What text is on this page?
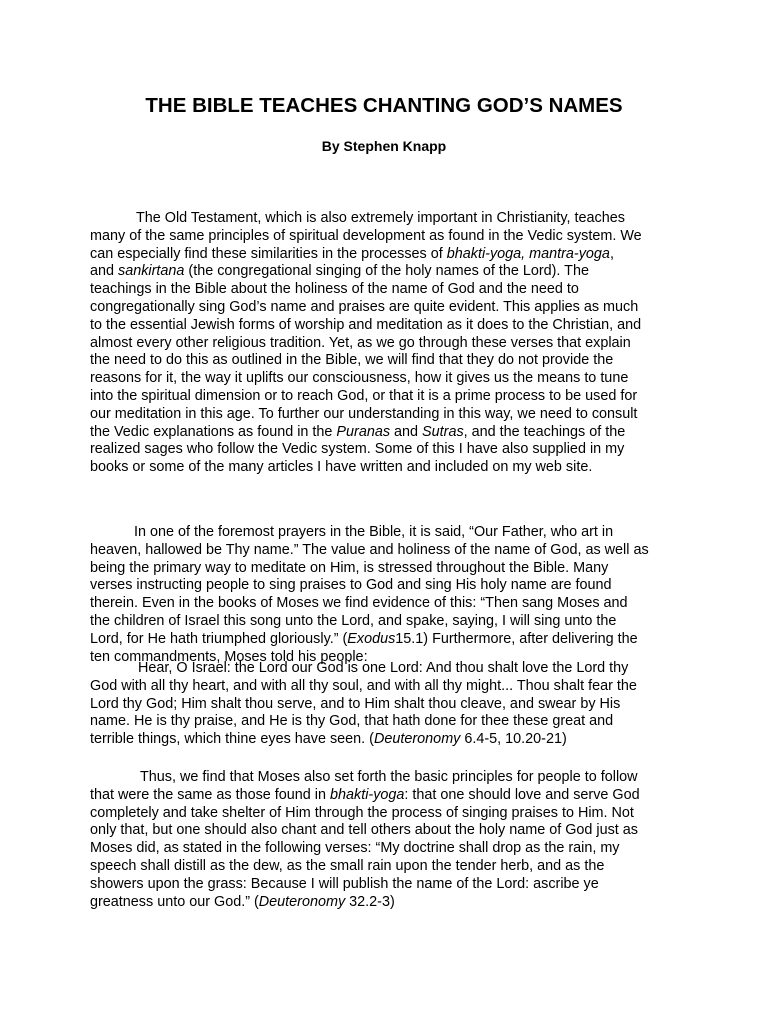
THE BIBLE TEACHES CHANTING GOD’S NAMES
By Stephen Knapp
The Old Testament, which is also extremely important in Christianity, teaches
many of the same principles of spiritual development as found in the Vedic system. We
can especially find these similarities in the processes of bhakti-yoga, mantra-yoga,
and sankirtana (the congregational singing of the holy names of the Lord). The
teachings in the Bible about the holiness of the name of God and the need to
congregationally sing God’s name and praises are quite evident. This applies as much
to the essential Jewish forms of worship and meditation as it does to the Christian, and
almost every other religious tradition. Yet, as we go through these verses that explain
the need to do this as outlined in the Bible, we will find that they do not provide the
reasons for it, the way it uplifts our consciousness, how it gives us the means to tune
into the spiritual dimension or to reach God, or that it is a prime process to be used for
our meditation in this age. To further our understanding in this way, we need to consult
the Vedic explanations as found in the Puranas and Sutras, and the teachings of the
realized sages who follow the Vedic system. Some of this I have also supplied in my
books or some of the many articles I have written and included on my web site.
In one of the foremost prayers in the Bible, it is said, “Our Father, who art in
heaven, hallowed be Thy name.” The value and holiness of the name of God, as well as
being the primary way to meditate on Him, is stressed throughout the Bible. Many
verses instructing people to sing praises to God and sing His holy name are found
therein. Even in the books of Moses we find evidence of this: “Then sang Moses and
the children of Israel this song unto the Lord, and spake, saying, I will sing unto the
Lord, for He hath triumphed gloriously.” (Exodus15.1) Furthermore, after delivering the
ten commandments, Moses told his people:
Hear, O Israel: the Lord our God is one Lord: And thou shalt love the Lord thy
God with all thy heart, and with all thy soul, and with all thy might... Thou shalt fear the
Lord thy God; Him shalt thou serve, and to Him shalt thou cleave, and swear by His
name. He is thy praise, and He is thy God, that hath done for thee these great and
terrible things, which thine eyes have seen. (Deuteronomy 6.4-5, 10.20-21)
Thus, we find that Moses also set forth the basic principles for people to follow
that were the same as those found in bhakti-yoga: that one should love and serve God
completely and take shelter of Him through the process of singing praises to Him. Not
only that, but one should also chant and tell others about the holy name of God just as
Moses did, as stated in the following verses: “My doctrine shall drop as the rain, my
speech shall distill as the dew, as the small rain upon the tender herb, and as the
showers upon the grass: Because I will publish the name of the Lord: ascribe ye
greatness unto our God.” (Deuteronomy 32.2-3)
